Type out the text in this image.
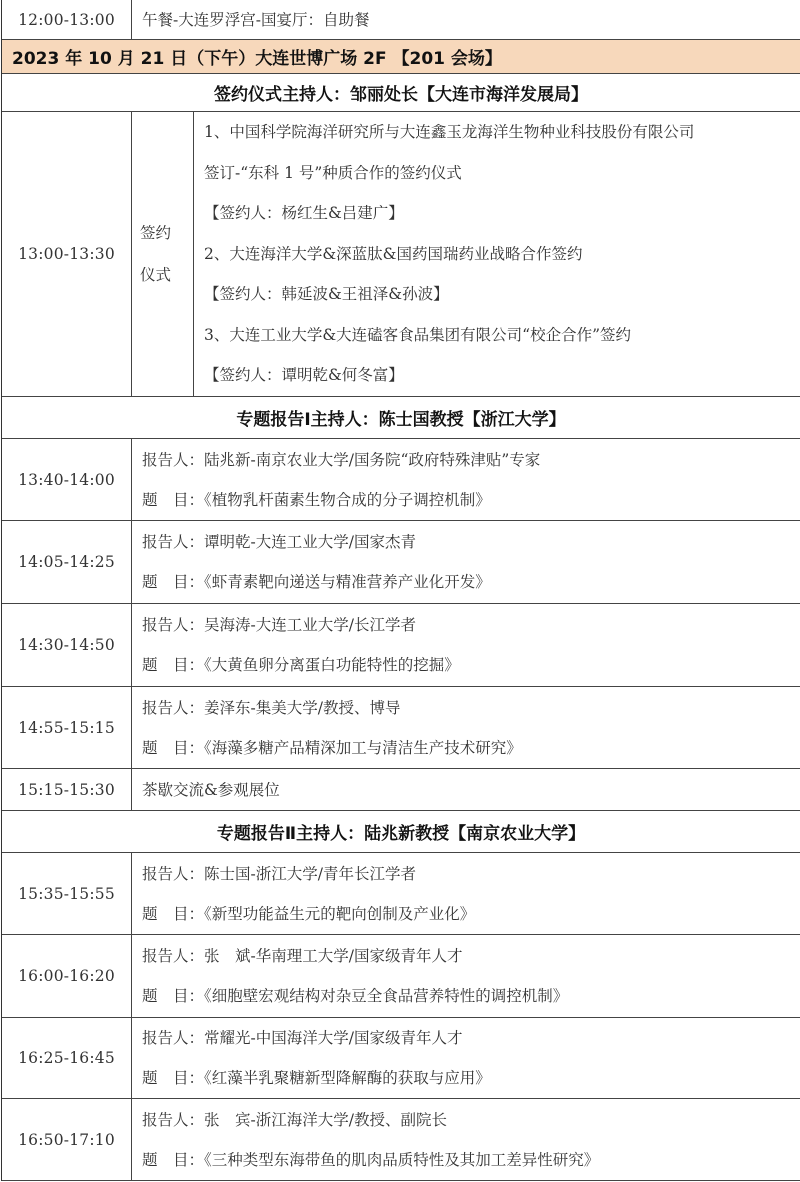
12:00-13:00	午餐-大连罗浮宫-国宴厅：自助餐
2023 年 10 月 21 日（下午）大连世博广场 2F 【201 会场】
签约仪式主持人：邹丽处长【大连市海洋发展局】
13:00-13:30
签约
仪式
1、中国科学院海洋研究所与大连鑫玉龙海洋生物种业科技股份有限公司
签订-“东科 1 号”种质合作的签约仪式
【签约人：杨红生&吕建广】
2、大连海洋大学&深蓝肽&国药国瑞药业战略合作签约
【签约人：韩延波&王祖泽&孙波】
3、大连工业大学&大连磕客食品集团有限公司“校企合作”签约
【签约人：谭明乾&何冬富】
专题报告Ⅰ主持人：陈士国教授【浙江大学】
13:40-14:00
报告人：陆兆新-南京农业大学/国务院“政府特殊津贴”专家
题　目：《植物乳杆菌素生物合成的分子调控机制》
14:05-14:25
报告人：谭明乾-大连工业大学/国家杰青
题　目：《虾青素靶向递送与精准营养产业化开发》
14:30-14:50
报告人：吴海涛-大连工业大学/长江学者
题　目：《大黄鱼卵分离蛋白功能特性的挖掘》
14:55-15:15
报告人：姜泽东-集美大学/教授、博导
题　目：《海藻多糖产品精深加工与清洁生产技术研究》
15:15-15:30	茶歇交流&参观展位
专题报告Ⅱ主持人：陆兆新教授【南京农业大学】
15:35-15:55
报告人：陈士国-浙江大学/青年长江学者
题　目：《新型功能益生元的靶向创制及产业化》
16:00-16:20
报告人：张　斌-华南理工大学/国家级青年人才
题　目：《细胞壁宏观结构对杂豆全食品营养特性的调控机制》
16:25-16:45
报告人：常耀光-中国海洋大学/国家级青年人才
题　目：《红藻半乳聚糖新型降解酶的获取与应用》
16:50-17:10
报告人：张　宾-浙江海洋大学/教授、副院长
题　目：《三种类型东海带鱼的肌肉品质特性及其加工差异性研究》
